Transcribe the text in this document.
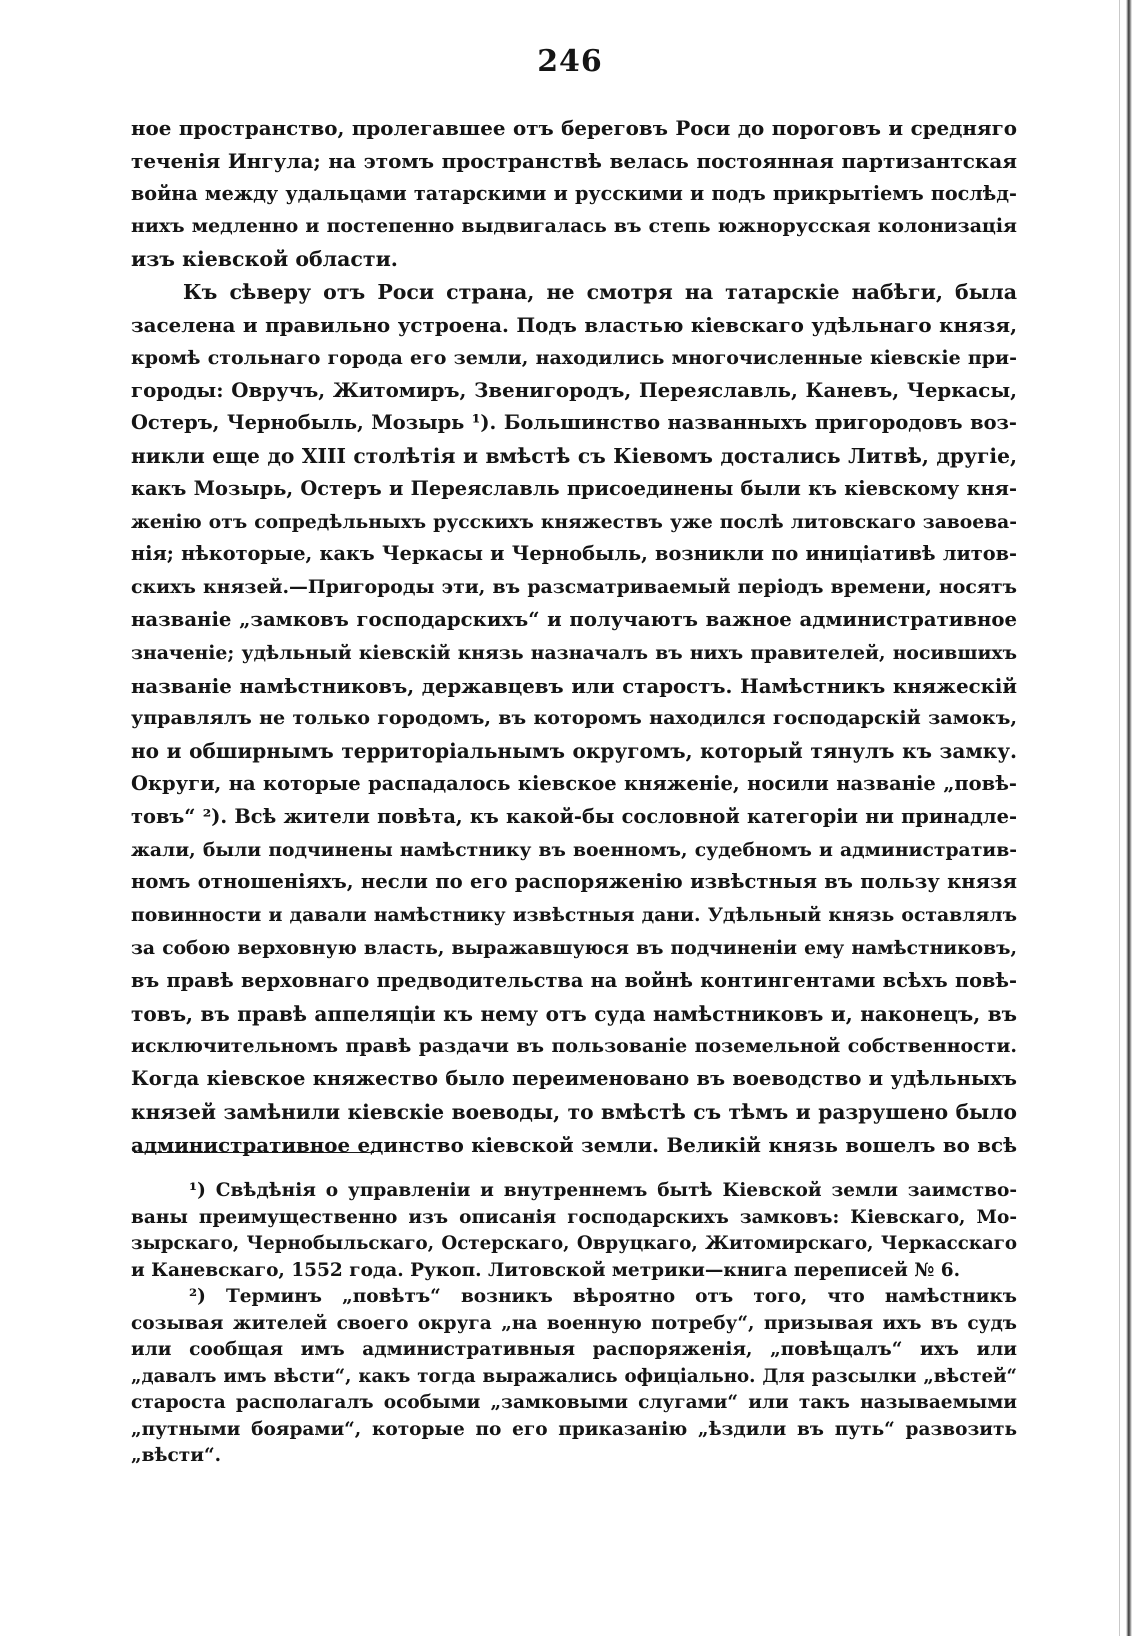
246
ное пространство, пролегавшее отъ береговъ Роси до пороговъ и средняго
теченія Ингула; на этомъ пространствѣ велась постоянная партизантская
война между удальцами татарскими и русскими и подъ прикрытіемъ послѣд-
нихъ медленно и постепенно выдвигалась въ степь южнорусская колонизація
изъ кіевской области.
Къ сѣверу отъ Роси страна, не смотря на татарскіе набѣги, была
заселена и правильно устроена. Подъ властью кіевскаго удѣльнаго князя,
кромѣ стольнаго города его земли, находились многочисленные кіевскіе при-
городы: Овручъ, Житомиръ, Звенигородъ, Переяславль, Каневъ, Черкасы,
Остеръ, Чернобыль, Мозырь ¹). Большинство названныхъ пригородовъ воз-
никли еще до XIII столѣтія и вмѣстѣ съ Кіевомъ достались Литвѣ, другіе,
какъ Мозырь, Остеръ и Переяславль присоединены были къ кіевскому кня-
женію отъ сопредѣльныхъ русскихъ княжествъ уже послѣ литовскаго завоева-
нія; нѣкоторые, какъ Черкасы и Чернобыль, возникли по иниціативѣ литов-
скихъ князей.—Пригороды эти, въ разсматриваемый періодъ времени, носятъ
названіе „замковъ господарскихъ“ и получаютъ важное административное
значеніе; удѣльный кіевскій князь назначалъ въ нихъ правителей, носившихъ
названіе намѣстниковъ, державцевъ или старостъ. Намѣстникъ княжескій
управлялъ не только городомъ, въ которомъ находился господарскій замокъ,
но и обширнымъ территоріальнымъ округомъ, который тянулъ къ замку.
Округи, на которые распадалось кіевское княженіе, носили названіе „повѣ-
товъ“ ²). Всѣ жители повѣта, къ какой-бы сословной категоріи ни принадле-
жали, были подчинены намѣстнику въ военномъ, судебномъ и административ-
номъ отношеніяхъ, несли по его распоряженію извѣстныя въ пользу князя
повинности и давали намѣстнику извѣстныя дани. Удѣльный князь оставлялъ
за собою верховную власть, выражавшуюся въ подчиненіи ему намѣстниковъ,
въ правѣ верховнаго предводительства на войнѣ контингентами всѣхъ повѣ-
товъ, въ правѣ аппеляціи къ нему отъ суда намѣстниковъ и, наконецъ, въ
исключительномъ правѣ раздачи въ пользованіе поземельной собственности.
Когда кіевское княжество было переименовано въ воеводство и удѣльныхъ
князей замѣнили кіевскіе воеводы, то вмѣстѣ съ тѣмъ и разрушено было
административное единство кіевской земли. Великій князь вошелъ во всѣ
¹) Свѣдѣнія о управленіи и внутреннемъ бытѣ Кіевской земли заимство-
ваны преимущественно изъ описанія господарскихъ замковъ: Кіевскаго, Мо-
зырскаго, Чернобыльскаго, Остерскаго, Овруцкаго, Житомирскаго, Черкасскаго
и Каневскаго, 1552 года. Рукоп. Литовской метрики—книга переписей № 6.
²) Терминъ „повѣтъ“ возникъ вѣроятно отъ того, что намѣстникъ
созывая жителей своего округа „на военную потребу“, призывая ихъ въ судъ
или сообщая имъ административныя распоряженія, „повѣщалъ“ ихъ или
„давалъ имъ вѣсти“, какъ тогда выражались офиціально. Для разсылки „вѣстей“
староста располагалъ особыми „замковыми слугами“ или такъ называемыми
„путными боярами“, которые по его приказанію „ѣздили въ путь“ развозить
„вѣсти“.
